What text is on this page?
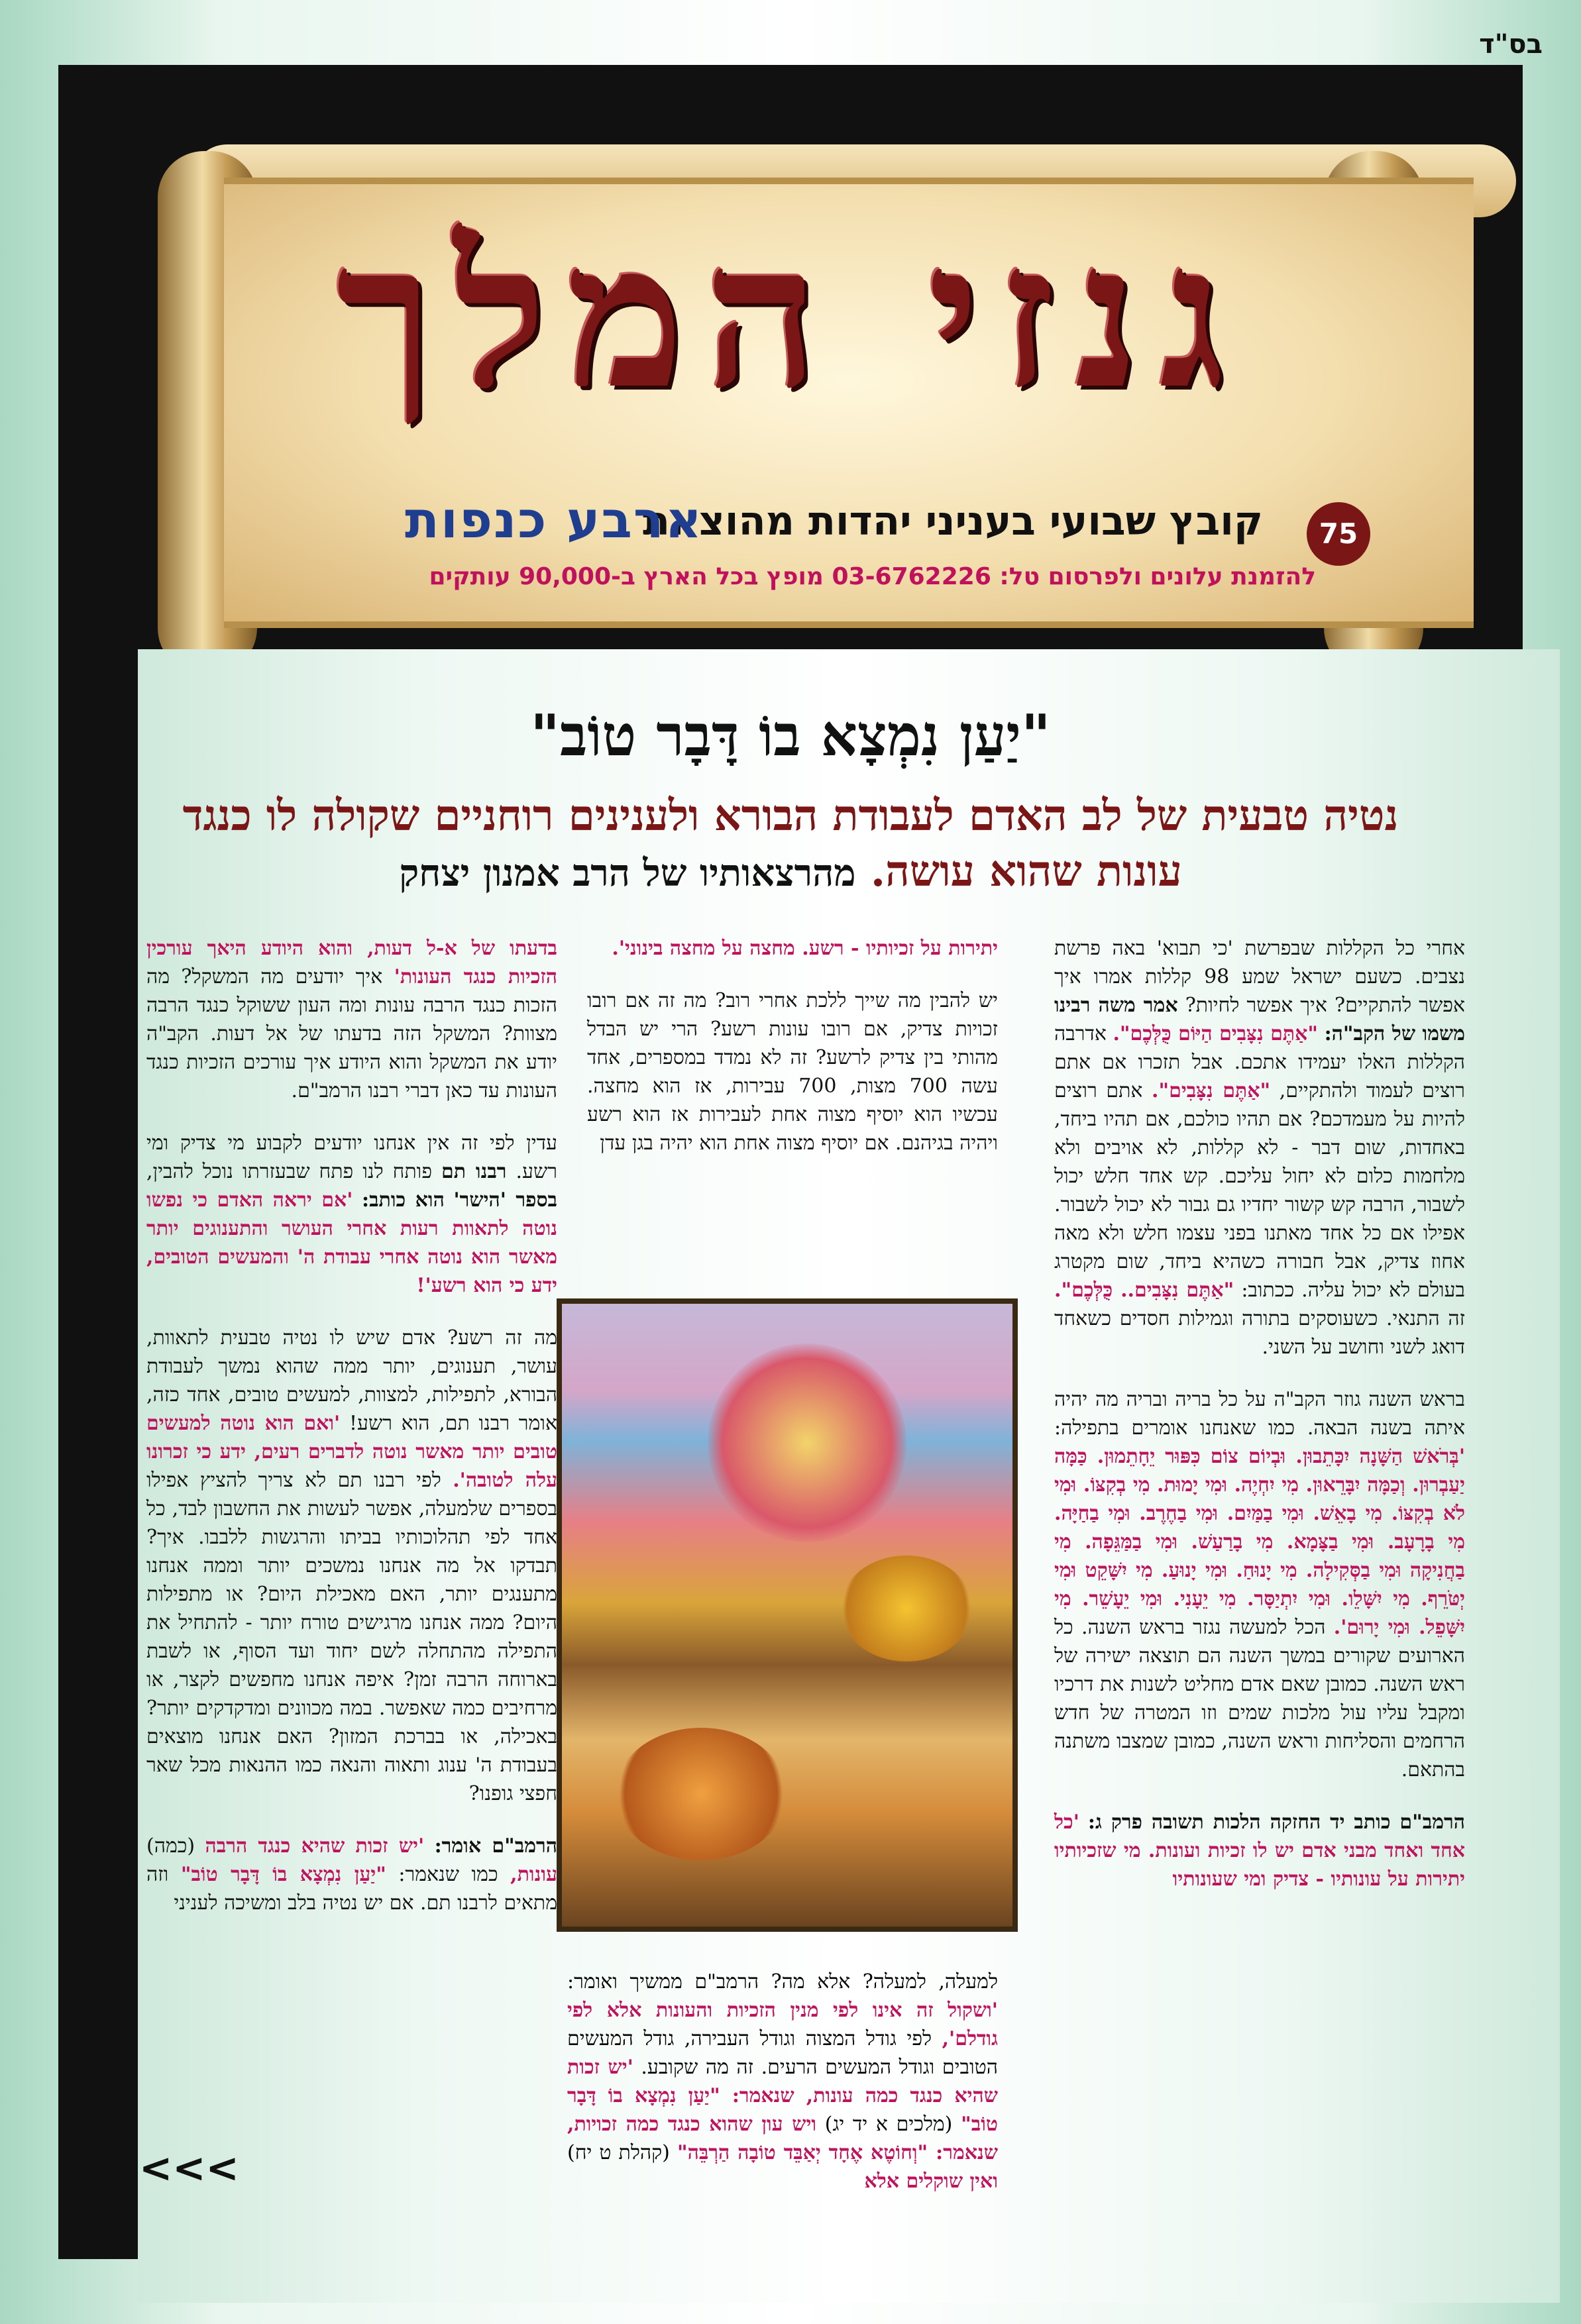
בס"ד
גנזי המלך
75
קובץ שבועי בעניני יהדות מהוצאת
ארבע כנפות
להזמנת עלונים ולפרסום טל: 03-6762226 מופץ בכל הארץ ב-90,000 עותקים
"יַעַן נִמְצָא בוֹ דָּבָר טוֹב"
נטיה טבעית של לב האדם לעבודת הבורא ולענינים רוחניים שקולה לו כנגד
עונות שהוא עושה. מהרצאותיו של הרב אמנון יצחק

אחרי כל הקללות שבפרשת 'כי תבוא' באה פרשת נצבים. כשעם ישראל שמע 98 קללות אמרו איך אפשר להתקיים? איך אפשר לחיות? אמר משה רבינו משמו של הקב"ה: "אַתֶּם נִצָּבִים הַיּוֹם כֻּלְּכֶם". אדרבה הקללות האלו יעמידו אתכם. אבל תזכרו אם אתם רוצים לעמוד ולהתקיים, "אַתֶּם נִצָּבִים". אתם רוצים להיות על מעמדכם? אם תהיו כולכם, אם תהיו ביחד, באחדות, שום דבר - לא קללות, לא אויבים ולא מלחמות כלום לא יחול עליכם. קש אחד חלש יכול לשבור, הרבה קש קשור יחדיו גם גבור לא יכול לשבור. אפילו אם כל אחד מאתנו בפני עצמו חלש ולא מאה אחוז צדיק, אבל חבורה כשהיא ביחד, שום מקטרג בעולם לא יכול עליה. ככתוב: "אַתֶּם נִצָּבִים.. כֻּלְּכֶם". זה התנאי. כשעוסקים בתורה וגמילות חסדים כשאחד דואג לשני וחושב על השני.

בראש השנה גוזר הקב"ה על כל בריה ובריה מה יהיה איתה בשנה הבאה. כמו שאנחנו אומרים בתפילה: 'בְּרֹאשׁ הַשָּׁנָה יִכָּתֵבוּן. וּבְיוֹם צוֹם כִּפּוּר יֵחָתֵמוּן. כַּמָּה יַעַבְרוּן. וְכַמָּה יִבָּרֵאוּן. מִי יִחְיֶה. וּמִי יָמוּת. מִי בְקִצּוֹ. וּמִי לֹא בְקִצּוֹ. מִי בָאֵשׁ. וּמִי בַמַּיִם. וּמִי בַחֶרֶב. וּמִי בַחַיָּה. מִי בָרָעָב. וּמִי בַצָּמָא. מִי בָרַעַשׁ. וּמִי בַמַּגֵּפָה. מִי בַחֲנִיקָה וּמִי בַסְּקִילָה. מִי יָנוּחַ. וּמִי יָנוּעַ. מִי יִשָּׁקֵט וּמִי יְטֹּרֵף. מִי יִשָּׁלֵו. וּמִי יִתְיַסָּר. מִי יֵעָנִי. וּמִי יֵעָשֵׁר. מִי יִשָּׁפֵל. וּמִי יָרוּם'. הכל למעשה נגזר בראש השנה. כל הארועים שקורים במשך השנה הם תוצאה ישירה של ראש השנה. כמובן שאם אדם מחליט לשנות את דרכיו ומקבל עליו עול מלכות שמים וזו המטרה של חדש הרחמים והסליחות וראש השנה, כמובן שמצבו משתנה בהתאם.

הרמב"ם כותב יד החזקה הלכות תשובה פרק ג: 'כל אחד ואחד מבני אדם יש לו זכיות ועונות. מי שזכיותיו יתירות על עונותיו - צדיק ומי שעונותיו

יתירות על זכיותיו - רשע. מחצה על מחצה בינוני'.

יש להבין מה שייך ללכת אחרי רוב? מה זה אם רובו זכויות צדיק, אם רובו עונות רשע? הרי יש הבדל מהותי בין צדיק לרשע? זה לא נמדד במספרים, אחד עשה 700 מצות, 700 עבירות, אז הוא מחצה. עכשיו הוא יוסיף מצוה אחת לעבירות אז הוא רשע ויהיה בגיהנם. אם יוסיף מצוה אחת הוא יהיה בגן עדן

למעלה, למעלה? אלא מה? הרמב"ם ממשיך ואומר: 'ושקול זה אינו לפי מנין הזכיות והעונות אלא לפי גודלם', לפי גודל המצוה וגודל העבירה, גודל המעשים הטובים וגודל המעשים הרעים. זה מה שקובע. 'יש זכות שהיא כנגד כמה עונות, שנאמר: "יַעַן נִמְצָא בוֹ דָּבָר טוֹב" (מלכים א יד יג) ויש עון שהוא כנגד כמה זכויות, שנאמר: "וְחוֹטֶא אֶחָד יְאַבֵּד טוֹבָה הַרְבֵּה" (קהלת ט יח) ואין שוקלים אלא

בדעתו של א-ל דעות, והוא היודע היאך עורכין הזכיות כנגד העונות' איך יודעים מה המשקל? מה הזכות כנגד הרבה עונות ומה העון ששוקל כנגד הרבה מצוות? המשקל הזה בדעתו של אל דעות. הקב"ה יודע את המשקל והוא היודע איך עורכים הזכיות כנגד העונות עד כאן דברי רבנו הרמב"ם.

עדין לפי זה אין אנחנו יודעים לקבוע מי צדיק ומי רשע. רבנו תם פותח לנו פתח שבעזרתו נוכל להבין, בספר 'הישר' הוא כותב: 'אם יראה האדם כי נפשו נוטה לתאוות רעות אחרי העושר והתענוגים יותר מאשר הוא נוטה אחרי עבודת ה' והמעשים הטובים, ידע כי הוא רשע'!

מה זה רשע? אדם שיש לו נטיה טבעית לתאוות, עושר, תענוגים, יותר ממה שהוא נמשך לעבודת הבורא, לתפילות, למצוות, למעשים טובים, אחד כזה, אומר רבנו תם, הוא רשע! 'ואם הוא נוטה למעשים טובים יותר מאשר נוטה לדברים רעים, ידע כי זכרונו עלה לטובה'. לפי רבנו תם לא צריך להציץ אפילו בספרים שלמעלה, אפשר לעשות את החשבון לבד, כל אחד לפי תהלוכותיו בביתו והרגשות ללבבו. איך? תבדקו אל מה אנחנו נמשכים יותר וממה אנחנו מתענגים יותר, האם מאכילת היום? או מתפילות היום? ממה אנחנו מרגישים טורח יותר - להתחיל את התפילה מהתחלה לשם יחוד ועד הסוף, או לשבת בארוחה הרבה זמן? איפה אנחנו מחפשים לקצר, או מרחיבים כמה שאפשר. במה מכוונים ומדקדקים יותר? באכילה, או בברכת המזון? האם אנחנו מוצאים בעבודת ה' ענוג ותאוה והנאה כמו ההנאות מכל שאר חפצי גופנו?

הרמב"ם אומר: 'יש זכות שהיא כנגד הרבה (כמה) עונות, כמו שנאמר: "יַעַן נִמְצָא בוֹ דָּבָר טוֹב" וזה מתאים לרבנו תם. אם יש נטיה בלב ומשיכה לעניני

<<<
